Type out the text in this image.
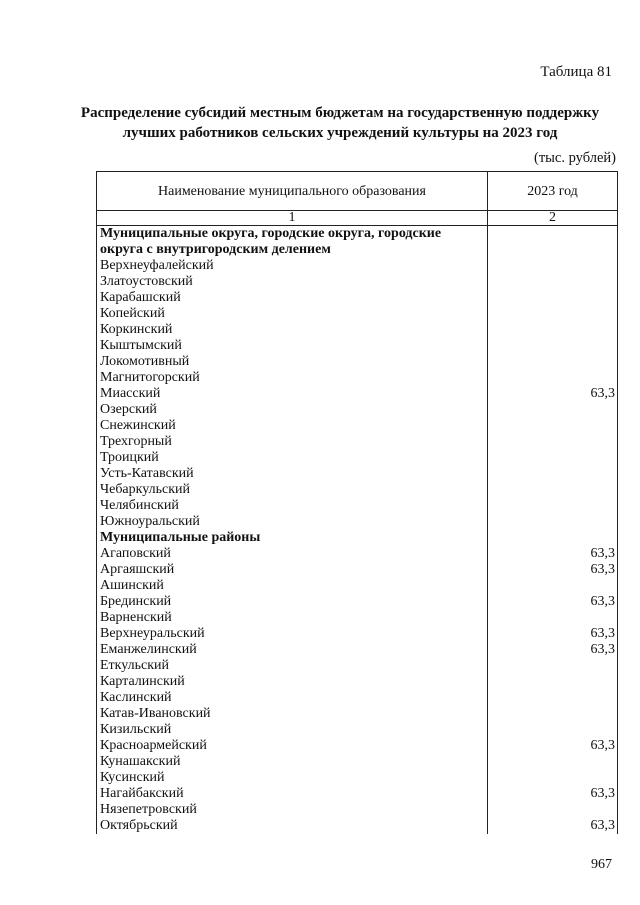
Таблица 81
Распределение субсидий местным бюджетам на государственную поддержку лучших работников сельских учреждений культуры на 2023 год
(тыс. рублей)
Наименование муниципального образования	2023 год
1	2
Муниципальные округа, городские округа, городские округа с внутригородским делением	
Верхнеуфалейский	
Златоустовский	
Карабашский	
Копейский	
Коркинский	
Кыштымский	
Локомотивный	
Магнитогорский	
Миасский	63,3
Озерский	
Снежинский	
Трехгорный	
Троицкий	
Усть-Катавский	
Чебаркульский	
Челябинский	
Южноуральский	
Муниципальные районы	
Агаповский	63,3
Аргаяшский	63,3
Ашинский	
Брединский	63,3
Варненский	
Верхнеуральский	63,3
Еманжелинский	63,3
Еткульский	
Карталинский	
Каслинский	
Катав-Ивановский	
Кизильский	
Красноармейский	63,3
Кунашакский	
Кусинский	
Нагайбакский	63,3
Нязепетровский	
Октябрьский	63,3
967
